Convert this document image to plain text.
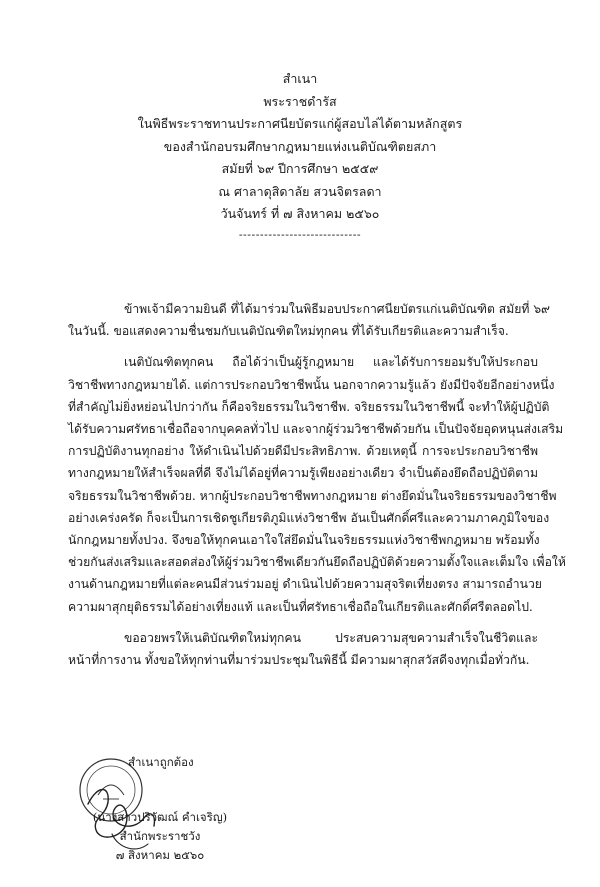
สำเนา
พระราชดำรัส
ในพิธีพระราชทานประกาศนียบัตรแก่ผู้สอบไล่ได้ตามหลักสูตร
ของสำนักอบรมศึกษากฎหมายแห่งเนติบัณฑิตยสภา
สมัยที่ ๖๙ ปีการศึกษา ๒๕๕๙
ณ ศาลาดุสิดาลัย สวนจิตรลดา
วันจันทร์ ที่ ๗ สิงหาคม ๒๕๖๐
-----------------------------
ข้าพเจ้ามีความยินดี ที่ได้มาร่วมในพิธีมอบประกาศนียบัตรแก่เนติบัณฑิต สมัยที่ ๖๙
ในวันนี้. ขอแสดงความชื่นชมกับเนติบัณฑิตใหม่ทุกคน ที่ได้รับเกียรติและความสำเร็จ.
เนติบัณฑิตทุกคน ถือได้ว่าเป็นผู้รู้กฎหมาย และได้รับการยอมรับให้ประกอบ
วิชาชีพทางกฎหมายได้. แต่การประกอบวิชาชีพนั้น นอกจากความรู้แล้ว ยังมีปัจจัยอีกอย่างหนึ่ง
ที่สำคัญไม่ยิ่งหย่อนไปกว่ากัน ก็คือจริยธรรมในวิชาชีพ. จริยธรรมในวิชาชีพนี้ จะทำให้ผู้ปฏิบัติ
ได้รับความศรัทธาเชื่อถือจากบุคคลทั่วไป และจากผู้ร่วมวิชาชีพด้วยกัน เป็นปัจจัยอุดหนุนส่งเสริม
การปฏิบัติงานทุกอย่าง ให้ดำเนินไปด้วยดีมีประสิทธิภาพ. ด้วยเหตุนี้ การจะประกอบวิชาชีพ
ทางกฎหมายให้สำเร็จผลที่ดี จึงไม่ได้อยู่ที่ความรู้เพียงอย่างเดียว จำเป็นต้องยึดถือปฏิบัติตาม
จริยธรรมในวิชาชีพด้วย. หากผู้ประกอบวิชาชีพทางกฎหมาย ต่างยึดมั่นในจริยธรรมของวิชาชีพ
อย่างเคร่งครัด ก็จะเป็นการเชิดชูเกียรติภูมิแห่งวิชาชีพ อันเป็นศักดิ์ศรีและความภาคภูมิใจของ
นักกฎหมายทั้งปวง. จึงขอให้ทุกคนเอาใจใส่ยึดมั่นในจริยธรรมแห่งวิชาชีพกฎหมาย พร้อมทั้ง
ช่วยกันส่งเสริมและสอดส่องให้ผู้ร่วมวิชาชีพเดียวกันยึดถือปฏิบัติด้วยความตั้งใจและเต็มใจ เพื่อให้
งานด้านกฎหมายที่แต่ละคนมีส่วนร่วมอยู่ ดำเนินไปด้วยความสุจริตเที่ยงตรง สามารถอำนวย
ความผาสุกยุติธรรมได้อย่างเที่ยงแท้ และเป็นที่ศรัทธาเชื่อถือในเกียรติและศักดิ์ศรีตลอดไป.
ขออวยพรให้เนติบัณฑิตใหม่ทุกคน ประสบความสุขความสำเร็จในชีวิตและ
หน้าที่การงาน ทั้งขอให้ทุกท่านที่มาร่วมประชุมในพิธีนี้ มีความผาสุกสวัสดีจงทุกเมื่อทั่วกัน.
สำเนาถูกต้อง
(นางสาวปริวัฒณ์ คำเจริญ)
สำนักพระราชวัง
๗ สิงหาคม ๒๕๖๐
